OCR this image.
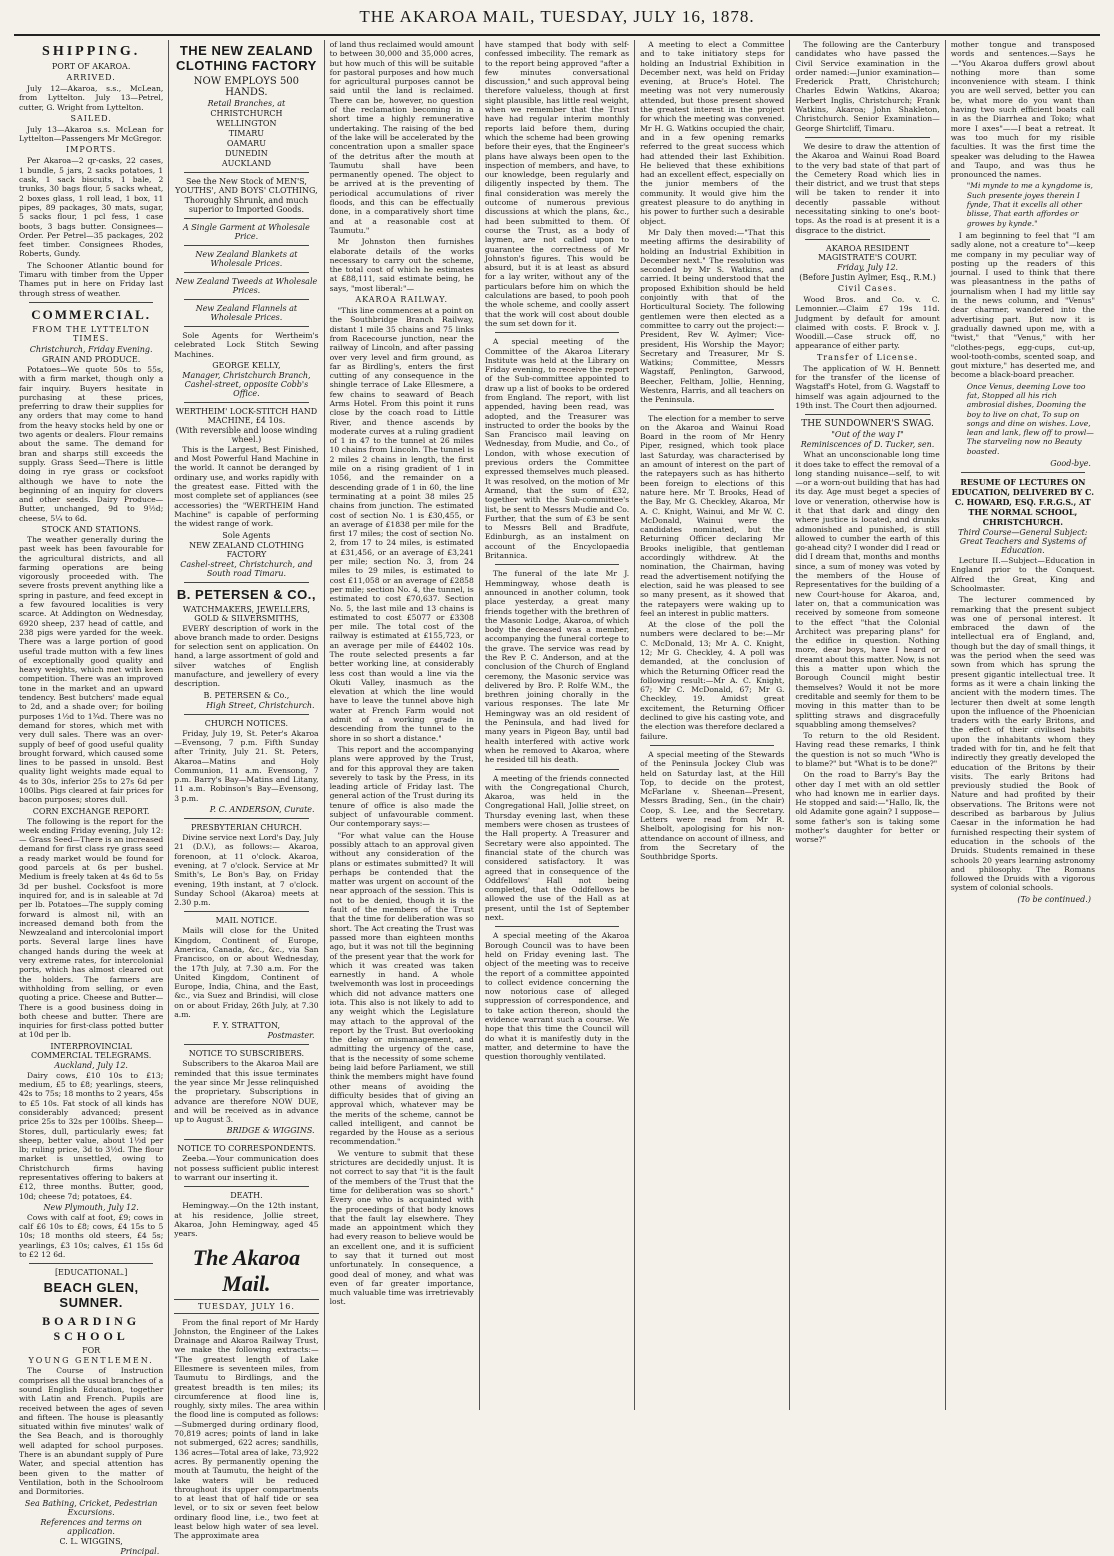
THE AKAROA MAIL, TUESDAY, JULY 16, 1878.
SHIPPING.
PORT OF AKAROA.
ARRIVED.

July 12—Akaroa, s.s., McLean, from Lyttelton. July 13—Petrel, cutter, G. Wright from Lyttelton.

SAILED.

July 13—Akaroa s.s. McLean for Lyttelton—Passengers Mr McGregor.

IMPORTS.

Per Akaroa—2 qr-casks, 22 cases, 1 bundle, 5 jars, 2 sacks potatoes, 1 cask, 1 sack biscuits, 1 bale, 2 trunks, 30 bags flour, 5 sacks wheat, 2 boxes glass, 1 roll lead, 1 box, 11 pipes, 89 packages, 30 mats, sugar, 5 sacks flour, 1 pcl fess, 1 case boots, 3 bags butter. Consignees—Order. Per Petrel—35 packages, 202 feet timber. Consignees Rhodes, Roberts, Gundy.

The Schooner Atlantic bound for Timaru with timber from the Upper Thames put in here on Friday last through stress of weather.

COMMERCIAL.
FROM THE LYTTELTON TIMES.
Christchurch, Friday Evening.
GRAIN AND PRODUCE.

Potatoes—We quote 50s to 55s, with a firm market, though only a fair inquiry. Buyers hesitate in purchasing at these prices, preferring to draw their supplies for any orders that may come to hand from the heavy stocks held by one or two agents or dealers. Flour remains about the same. The demand for bran and sharps still exceeds the supply. Grass Seed—There is little doing in rye grass or cocksfoot although we have to note the beginning of an inquiry for clovers and other seeds. Dairy Produce—Butter, unchanged, 9d to 9½d; cheese, 5¼ to 6d.

STOCK AND STATIONS.

The weather generally during the past week has been favourable for the agricultural districts, and all farming operations are being vigorously proceeded with. The severe frosts prevent anything like a spring in pasture, and feed except in a few favoured localities is very scarce. At Addington on Wednesday, 6920 sheep, 237 head of cattle, and 238 pigs were yarded for the week. There was a large portion of good useful trade mutton with a few lines of exceptionally good quality and heavy weights, which met with keen competition. There was an improved tone in the market and an upward tendency. Best butchers' made equal to 2d, and a shade over; for boiling purposes 1½d to 1¾d. There was no demand for stores, which met with very dull sales. There was an over-supply of beef of good useful quality brought forward, which caused some lines to be passed in unsold. Best quality light weights made equal to 4s to 30s, inferior 25s to 27s 6d per 100lbs. Pigs cleared at fair prices for bacon purposes; stores dull.

CORN EXCHANGE REPORT.

The following is the report for the week ending Friday evening, July 12:— Grass Seed—There is an increased demand for first class rye grass seed a ready market would be found for good parcels at 6s per bushel. Medium is freely taken at 4s 6d to 5s 3d per bushel. Cocksfoot is more inquired for, and is in saleable at 7d per lb. Potatoes—The supply coming forward is almost nil, with an increased demand both from the Newzealand and intercolonial import ports. Several large lines have changed hands during the week at very extreme rates, for intercolonial ports, which has almost cleared out the holders. The farmers are withholding from selling, or even quoting a price. Cheese and Butter—There is a good business doing in both cheese and butter. There are inquiries for first-class potted butter at 10d per lb.

INTERPROVINCIAL COMMERCIAL TELEGRAMS.
Auckland, July 12.

Dairy cows, £10 10s to £13; medium, £5 to £8; yearlings, steers, 42s to 75s; 18 months to 2 years, 45s to £5 10s. Fat stock of all kinds has considerably advanced; present price 25s to 32s per 100lbs. Sheep—Stores, dull, particularly ewes; fat sheep, better value, about 1½d per lb; ruling price, 3d to 3½d. The flour market is unsettled, owing to Christchurch firms having representatives offering to bakers at £12, three months. Butter, good, 10d; cheese 7d; potatoes, £4.

New Plymouth, July 12.

Cows with calf at foot, £9; cows in calf £6 10s to £8; cows, £4 15s to 5 10s; 18 months old steers, £4 5s; yearlings, £3 10s; calves, £1 15s 6d to £2 12 6d.

[EDUCATIONAL.]
BEACH GLEN, SUMNER.
BOARDING SCHOOL
FOR
YOUNG GENTLEMEN.

The Course of Instruction comprises all the usual branches of a sound English Education, together with Latin and French. Pupils are received between the ages of seven and fifteen. The house is pleasantly situated within five minutes' walk of the Sea Beach, and is thoroughly well adapted for school purposes. There is an abundant supply of Pure Water, and special attention has been given to the matter of Ventilation, both in the Schoolroom and Dormitories.

Sea Bathing, Cricket, Pedestrian Excursions.
References and terms on application.
C. L. WIGGINS,
Principal.
THE NEW ZEALAND CLOTHING FACTORY
NOW EMPLOYS 500 HANDS.
Retail Branches, at
CHRISTCHURCH
WELLINGTON
TIMARU
OAMARU
DUNEDIN
AUCKLAND
See the New Stock of MEN'S, YOUTHS', AND BOYS' CLOTHING,
Thoroughly Shrunk, and much superior to Imported Goods.
A Single Garment at Wholesale Price.
New Zealand Blankets at Wholesale Prices.
New Zealand Tweeds at Wholesale Prices.
New Zealand Flannels at Wholesale Prices.

Sole Agents for Wertheim's celebrated Lock Stitch Sewing Machines.

GEORGE KELLY,
Manager, Christchurch Branch, Cashel-street, opposite Cobb's Office.
WERTHEIM' LOCK-STITCH HAND MACHINE, £4 10s.
(With reversible and loose winding wheel.)

This is the Largest, Best Finished, and Most Powerful Hand Machine in the world. It cannot be deranged by ordinary use, and works rapidly with the greatest ease. Fitted with the most complete set of appliances (see accessories) the "WERTHEIM Hand Machine" is capable of performing the widest range of work.

Sole Agents
NEW ZEALAND CLOTHING FACTORY
Cashel-street, Christchurch, and South road Timaru.
B. PETERSEN & CO.,
WATCHMAKERS, JEWELLERS, GOLD & SILVERSMITHS,

EVERY description of work in the above branch made to order. Designs for selection sent on application. On hand, a large assortment of gold and silver watches of English manufacture, and jewellery of every description.

B. PETERSEN & Co.,
High Street, Christchurch.
CHURCH NOTICES.

Friday, July 19, St. Peter's Akaroa—Evensong, 7 p.m. Fifth Sunday after Trinity, July 21. St. Peters, Akaroa—Matins and Holy Communion, 11 a.m. Evensong, 7 p.m. Barry's Bay—Matins and Litany, 11 a.m. Robinson's Bay—Evensong, 3 p.m.

P. C. ANDERSON, Curate.
PRESBYTERIAN CHURCH.

Divine service next Lord's Day, July 21 (D.V.), as follows:— Akaroa, forenoon, at 11 o'clock. Akaroa, evening, at 7 o'clock. Service at Mr Smith's, Le Bon's Bay, on Friday evening, 19th instant, at 7 o'clock. Sunday School (Akaroa) meets at 2.30 p.m.

MAIL NOTICE.

Mails will close for the United Kingdom, Continent of Europe, America, Canada, &c., &c., via San Francisco, on or about Wednesday, the 17th July, at 7.30 a.m. For the United Kingdom, Continent of Europe, India, China, and the East, &c., via Suez and Brindisi, will close on or about Friday, 26th July, at 7.30 a.m.

F. Y. STRATTON,
Postmaster.
NOTICE TO SUBSCRIBERS.

Subscribers to the Akaroa Mail are reminded that this issue terminates the year since Mr Jesse relinquished the proprietary. Subscriptions in advance are therefore NOW DUE, and will be received as in advance up to August 3.

BRIDGE & WIGGINS.
NOTICE TO CORRESPONDENTS.

Zeeba.—Your communication does not possess sufficient public interest to warrant our inserting it.

DEATH.

Hemingway.—On the 12th instant, at his residence, Jollie street, Akaroa, John Hemingway, aged 45 years.

The Akaroa Mail.
TUESDAY, JULY 16.

From the final report of Mr Hardy Johnston, the Engineer of the Lakes Drainage and Akaroa Railway Trust, we make the following extracts:— "The greatest length of Lake Ellesmere is seventeen miles, from Taumutu to Birdlings, and the greatest breadth is ten miles; its circumference at flood line is, roughly, sixty miles. The area within the flood line is computed as follows:—Submerged during ordinary flood, 70,819 acres; points of land in lake not submerged, 622 acres; sandhills, 136 acres—Total area of lake, 73,922 acres. By permanently opening the mouth at Taumutu, the height of the lake waters will be reduced throughout its upper compartments to at least that of half tide or sea level, or to six or seven feet below ordinary flood line, i.e., two feet at least below high water of sea level. The approximate area

of land thus reclaimed would amount to between 30,000 and 35,000 acres, but how much of this will be suitable for pastoral purposes and how much for agricultural purposes cannot be said until the land is reclaimed. There can be, however, no question of the reclamation becoming in a short time a highly remunerative undertaking. The raising of the bed of the lake will be accelerated by the concentration upon a smaller space of the detritus after the mouth at Taumutu shall have been permanently opened. The object to be arrived at is the preventing of periodical accumulations of river floods, and this can be effectually done, in a comparatively short time and at a reasonable cost at Taumutu."

Mr Johnston then furnishes elaborate details of the works necessary to carry out the scheme, the total cost of which he estimates at £88,111, said estimate being, he says, "most liberal:"—

AKAROA RAILWAY.

"This line commences at a point on the Southbridge Branch Railway, distant 1 mile 35 chains and 75 links from Racecourse junction, near the railway of Lincoln, and after passing over very level and firm ground, as far as Birdling's, enters the first cutting of any consequence in the shingle terrace of Lake Ellesmere, a few chains to seaward of Beach Arms Hotel. From this point it runs close by the coach road to Little River, and thence ascends by moderate curves at a ruling gradient of 1 in 47 to the tunnel at 26 miles 10 chains from Lincoln. The tunnel is 2 miles 2 chains in length, the first mile on a rising gradient of 1 in 1056, and the remainder on a descending grade of 1 in 60, the line terminating at a point 38 miles 25 chains from junction. The estimated cost of section No. 1 is £30,455, or an average of £1838 per mile for the first 17 miles; the cost of section No. 2, from 17 to 24 miles, is estimated at £31,456, or an average of £3,241 per mile; section No. 3, from 24 miles to 29 miles, is estimated to cost £11,058 or an average of £2858 per mile; section No. 4, the tunnel, is estimated to cost £70,637. Section No. 5, the last mile and 13 chains is estimated to cost £5077 or £3308 per mile. The total cost of the railway is estimated at £155,723, or an average per mile of £4402 10s. The route selected presents a far better working line, at considerably less cost than would a line via the Okuti Valley, inasmuch as the elevation at which the line would have to leave the tunnel above high water at French Farm would not admit of a working grade in descending from the tunnel to the shore in so short a distance."

This report and the accompanying plans were approved by the Trust, and for this approval they are taken severely to task by the Press, in its leading article of Friday last. The general action of the Trust during its tenure of office is also made the subject of unfavourable comment. Our contemporary says:—

"For what value can the House possibly attach to an approval given without any consideration of the plans or estimates submitted? It will perhaps be contended that the matter was urgent on account of the near approach of the session. This is not to be denied, though it is the fault of the members of the Trust that the time for deliberation was so short. The Act creating the Trust was passed more than eighteen months ago, but it was not till the beginning of the present year that the work for which it was created was taken earnestly in hand. A whole twelvemonth was lost in proceedings which did not advance matters one iota. This also is not likely to add to any weight which the Legislature may attach to the approval of the report by the Trust. But overlooking the delay or mismanagement, and admitting the urgency of the case, that is the necessity of some scheme being laid before Parliament, we still think the members might have found other means of avoiding the difficulty besides that of giving an approval which, whatever may be the merits of the scheme, cannot be called intelligent, and cannot be regarded by the House as a serious recommendation."

We venture to submit that these strictures are decidedly unjust. It is not correct to say that "it is the fault of the members of the Trust that the time for deliberation was so short." Every one who is acquainted with the proceedings of that body knows that the fault lay elsewhere. They made an appointment which they had every reason to believe would be an excellent one, and it is sufficient to say that it turned out most unfortunately. In consequence, a good deal of money, and what was even of far greater importance, much valuable time was irretrievably lost.

have stamped that body with self-confessed imbecility. The remark as to the report being approved "after a few minutes conversational discussion," and such approval being therefore valueless, though at first sight plausible, has little real weight, when we remember that the Trust have had regular interim monthly reports laid before them, during which the scheme had been growing before their eyes, that the Engineer's plans have always been open to the inspection of members, and have, to our knowledge, been regularly and diligently inspected by them. The final consideration was merely the outcome of numerous previous discussions at which the plans, &c., had been submitted to them. Of course the Trust, as a body of laymen, are not called upon to guarantee the correctness of Mr Johnston's figures. This would be absurd, but it is at least as absurd for a lay writer, without any of the particulars before him on which the calculations are based, to pooh pooh the whole scheme, and coolly assert that the work will cost about double the sum set down for it.

A special meeting of the Committee of the Akaroa Literary Institute was held at the Library on Friday evening, to receive the report of the Sub-committee appointed to draw up a list of books to be ordered from England. The report, with list appended, having been read, was adopted, and the Treasurer was instructed to order the books by the San Francisco mail leaving on Wednesday, from Mudie, and Co., of London, with whose execution of previous orders the Committee expressed themselves much pleased. It was resolved, on the motion of Mr Armand, that the sum of £32, together with the Sub-committee's list, be sent to Messrs Mudie and Co. Further, that the sum of £3 be sent to Messrs Bell and Bradfute, Edinburgh, as an instalment on account of the Encyclopaedia Britannica.

The funeral of the late Mr J. Hemmingway, whose death is announced in another column, took place yesterday, a great many friends together with the brethren of the Masonic Lodge, Akaroa, of which body the deceased was a member, accompanying the funeral cortege to the grave. The service was read by the Rev P. C. Anderson, and at the conclusion of the Church of England ceremony, the Masonic service was delivered by Bro. P. Rolfe W.M., the brethren joining chorally in the various responses. The late Mr Hemingway was an old resident of the Peninsula, and had lived for many years in Pigeon Bay, until bad health interfered with active work when he removed to Akaroa, where he resided till his death.

A meeting of the friends connected with the Congregational Church, Akaroa, was held in the Congregational Hall, Jollie street, on Thursday evening last, when these members were chosen as trustees of the Hall property. A Treasurer and Secretary were also appointed. The financial state of the church was considered satisfactory. It was agreed that in consequence of the Oddfellows' Hall not being completed, that the Oddfellows be allowed the use of the Hall as at present, until the 1st of September next.

A special meeting of the Akaroa Borough Council was to have been held on Friday evening last. The object of the meeting was to receive the report of a committee appointed to collect evidence concerning the now notorious case of alleged suppression of correspondence, and to take action thereon, should the evidence warrant such a course. We hope that this time the Council will do what it is manifestly duty in the matter, and determine to have the question thoroughly ventilated.

A meeting to elect a Committee and to take initiatory steps for holding an Industrial Exhibition in December next, was held on Friday evening, at Bruce's Hotel. The meeting was not very numerously attended, but those present showed the greatest interest in the project for which the meeting was convened. Mr H. G. Watkins occupied the chair, and in a few opening remarks referred to the great success which had attended their last Exhibition. He believed that these exhibitions had an excellent effect, especially on the junior members of the community. It would give him the greatest pleasure to do anything in his power to further such a desirable object.

Mr Daly then moved:—"That this meeting affirms the desirability of holding an Industrial Exhibition in December next." The resolution was seconded by Mr S. Watkins, and carried. It being understood that the proposed Exhibition should be held conjointly with that of the Horticultural Society. The following gentlemen were then elected as a committee to carry out the project:— President, Rev W. Aylmer; Vice-president, His Worship the Mayor; Secretary and Treasurer, Mr S. Watkins; Committee, Messrs Wagstaff, Penlington, Garwood, Beecher, Feltham, Jollie, Henning, Westenra, Harris, and all teachers on the Peninsula.

The election for a member to serve on the Akaroa and Wainui Road Board in the room of Mr Henry Piper, resigned, which took place last Saturday, was characterised by an amount of interest on the part of the ratepayers such as has hitherto been foreign to elections of this nature here. Mr T. Brooks, Head of the Bay, Mr G. Checkley, Akaroa, Mr A. C. Knight, Wainui, and Mr W. C. McDonald, Wainui were the candidates nominated, but the Returning Officer declaring Mr Brooks ineligible, that gentleman accordingly withdrew. At the nomination, the Chairman, having read the advertisement notifying the election, said he was pleased to see so many present, as it showed that the ratepayers were waking up to feel an interest in public matters.

At the close of the poll the numbers were declared to be:—Mr C. McDonald, 13; Mr A. C. Knight, 12; Mr G. Checkley, 4. A poll was demanded, at the conclusion of which the Returning Officer read the following result:—Mr A. C. Knight, 67; Mr C. McDonald, 67; Mr G. Checkley, 19. Amidst great excitement, the Returning Officer declined to give his casting vote, and the election was therefore declared a failure.

A special meeting of the Stewards of the Peninsula Jockey Club was held on Saturday last, at the Hill Top, to decide on the protest, McFarlane v. Sheenan—Present, Messrs Brading, Sen., (in the chair) Coop, S. Lee, and the Secretary. Letters were read from Mr R. Shelbolt, apologising for his non-attendance on account of illness, and from the Secretary of the Southbridge Sports.

The following are the Canterbury candidates who have passed the Civil Service examination in the order named:—Junior examination—Frederick Pratt, Christchurch; Charles Edwin Watkins, Akaroa; Herbert Inglis, Christchurch; Frank Watkins, Akaroa; John Shakleton, Christchurch. Senior Examination—George Shirtcliff, Timaru.

We desire to draw the attention of the Akaroa and Wainui Road Board to the very bad state of that part of the Cemetery Road which lies in their district, and we trust that steps will be taken to render it into decently passable without necessitating sinking to one's boot-tops. As the road is at present it is a disgrace to the district.

AKAROA RESIDENT MAGISTRATE'S COURT.
Friday, July 12.
(Before Justin Aylmer, Esq., R.M.)
Civil Cases.

Wood Bros. and Co. v. C. Lemonnier.—Claim £7 19s 11d. Judgment by default for amount claimed with costs. F. Brock v. J. Woodill.—Case struck off, no appearance of either party.

Transfer of License.

The application of W. H. Bennett for the transfer of the license of Wagstaff's Hotel, from G. Wagstaff to himself was again adjourned to the 19th inst. The Court then adjourned.

THE SUNDOWNER'S SWAG.
"Out of the way I"
Reminiscences of D. Tucker, sen.

What an unconscionable long time it does take to effect the removal of a long standing nuisance—self, to wit—or a worn-out building that has had its day. Age must beget a species of love or veneration, otherwise how is it that that dark and dingy den where justice is located, and drunks admonished and punished, is still allowed to cumber the earth of this go-ahead city? I wonder did I read or did I dream that, months and months since, a sum of money was voted by the members of the House of Representatives for the building of a new Court-house for Akaroa, and, later on, that a communication was received by someone from someone to the effect "that the Colonial Architect was preparing plans" for the edifice in question. Nothing more, dear boys, have I heard or dreamt about this matter. Now, is not this a matter upon which the Borough Council might bestir themselves? Would it not be more creditable and seemly for them to be moving in this matter than to be splitting straws and disgracefully squabbling among themselves?

To return to the old Resident. Having read these remarks, I think the question is not so much "Who is to blame?" but "What is to be done?"

On the road to Barry's Bay the other day I met with an old settler who had known me in earlier days. He stopped and said:—"Hallo, Ik, the old Adamite gone again? I suppose—some father's son is taking some mother's daughter for better or worse?"

mother tongue and transposed words and sentences.—Says he—"You Akaroa duffers growl about nothing more than some inconvenience with steam. I think you are well served, better you can be, what more do you want than having two such efficient boats call in as the Diarrhea and Toko; what more I axes"——I beat a retreat. It was too much for my risible faculties. It was the first time the speaker was deluding to the Hawea and Taupo, and was thus he pronounced the names.

"Mi mynde to me a kyngdome is, Such presente joyes therein I fynde, That it excells all other blisse, That earth affordes or growes by kynde."

I am beginning to feel that "I am sadly alone, not a creature to"—keep me company in my peculiar way of posting up the readers of this journal. I used to think that there was pleasantness in the paths of journalism when I had my little say in the news column, and "Venus" dear charmer, wandered into the advertising part. But now it is gradually dawned upon me, with a "twist," that "Venus," with her "clothes-pegs, egg-cups, cut-up, wool-tooth-combs, scented soap, and gout mixture," has deserted me, and become a black-board preacher.

Once Venus, deeming Love too fat, Stopped all his rich ambrosial dishes, Dooming the boy to live on chat, To sup on songs and dine on wishes. Love, lean and lank, flew off to prowl— The starveling now no Beauty boasted.

Good-bye.
RESUME OF LECTURES ON EDUCATION, DELIVERED BY C. C. HOWARD, ESQ. F.R.G.S., AT THE NORMAL SCHOOL, CHRISTCHURCH.
Third Course—General Subject: Great Teachers and Systems of Education.

Lecture II.—Subject—Education in England prior to the Conquest. Alfred the Great, King and Schoolmaster.

The lecturer commenced by remarking that the present subject was one of personal interest. It embraced the dawn of the intellectual era of England, and, though but the day of small things, it was the period when the seed was sown from which has sprung the present gigantic intellectual tree. It forms as it were a chain linking the ancient with the modern times. The lecturer then dwelt at some length upon the influence of the Phoenician traders with the early Britons, and the effect of their civilised habits upon the inhabitants whom they traded with for tin, and he felt that indirectly they greatly developed the education of the Britons by their visits. The early Britons had previously studied the Book of Nature and had profited by their observations. The Britons were not described as barbarous by Julius Caesar in the information he had furnished respecting their system of education in the schools of the Druids. Students remained in these schools 20 years learning astronomy and philosophy. The Romans followed the Druids with a vigorous system of colonial schools.

(To be continued.)
